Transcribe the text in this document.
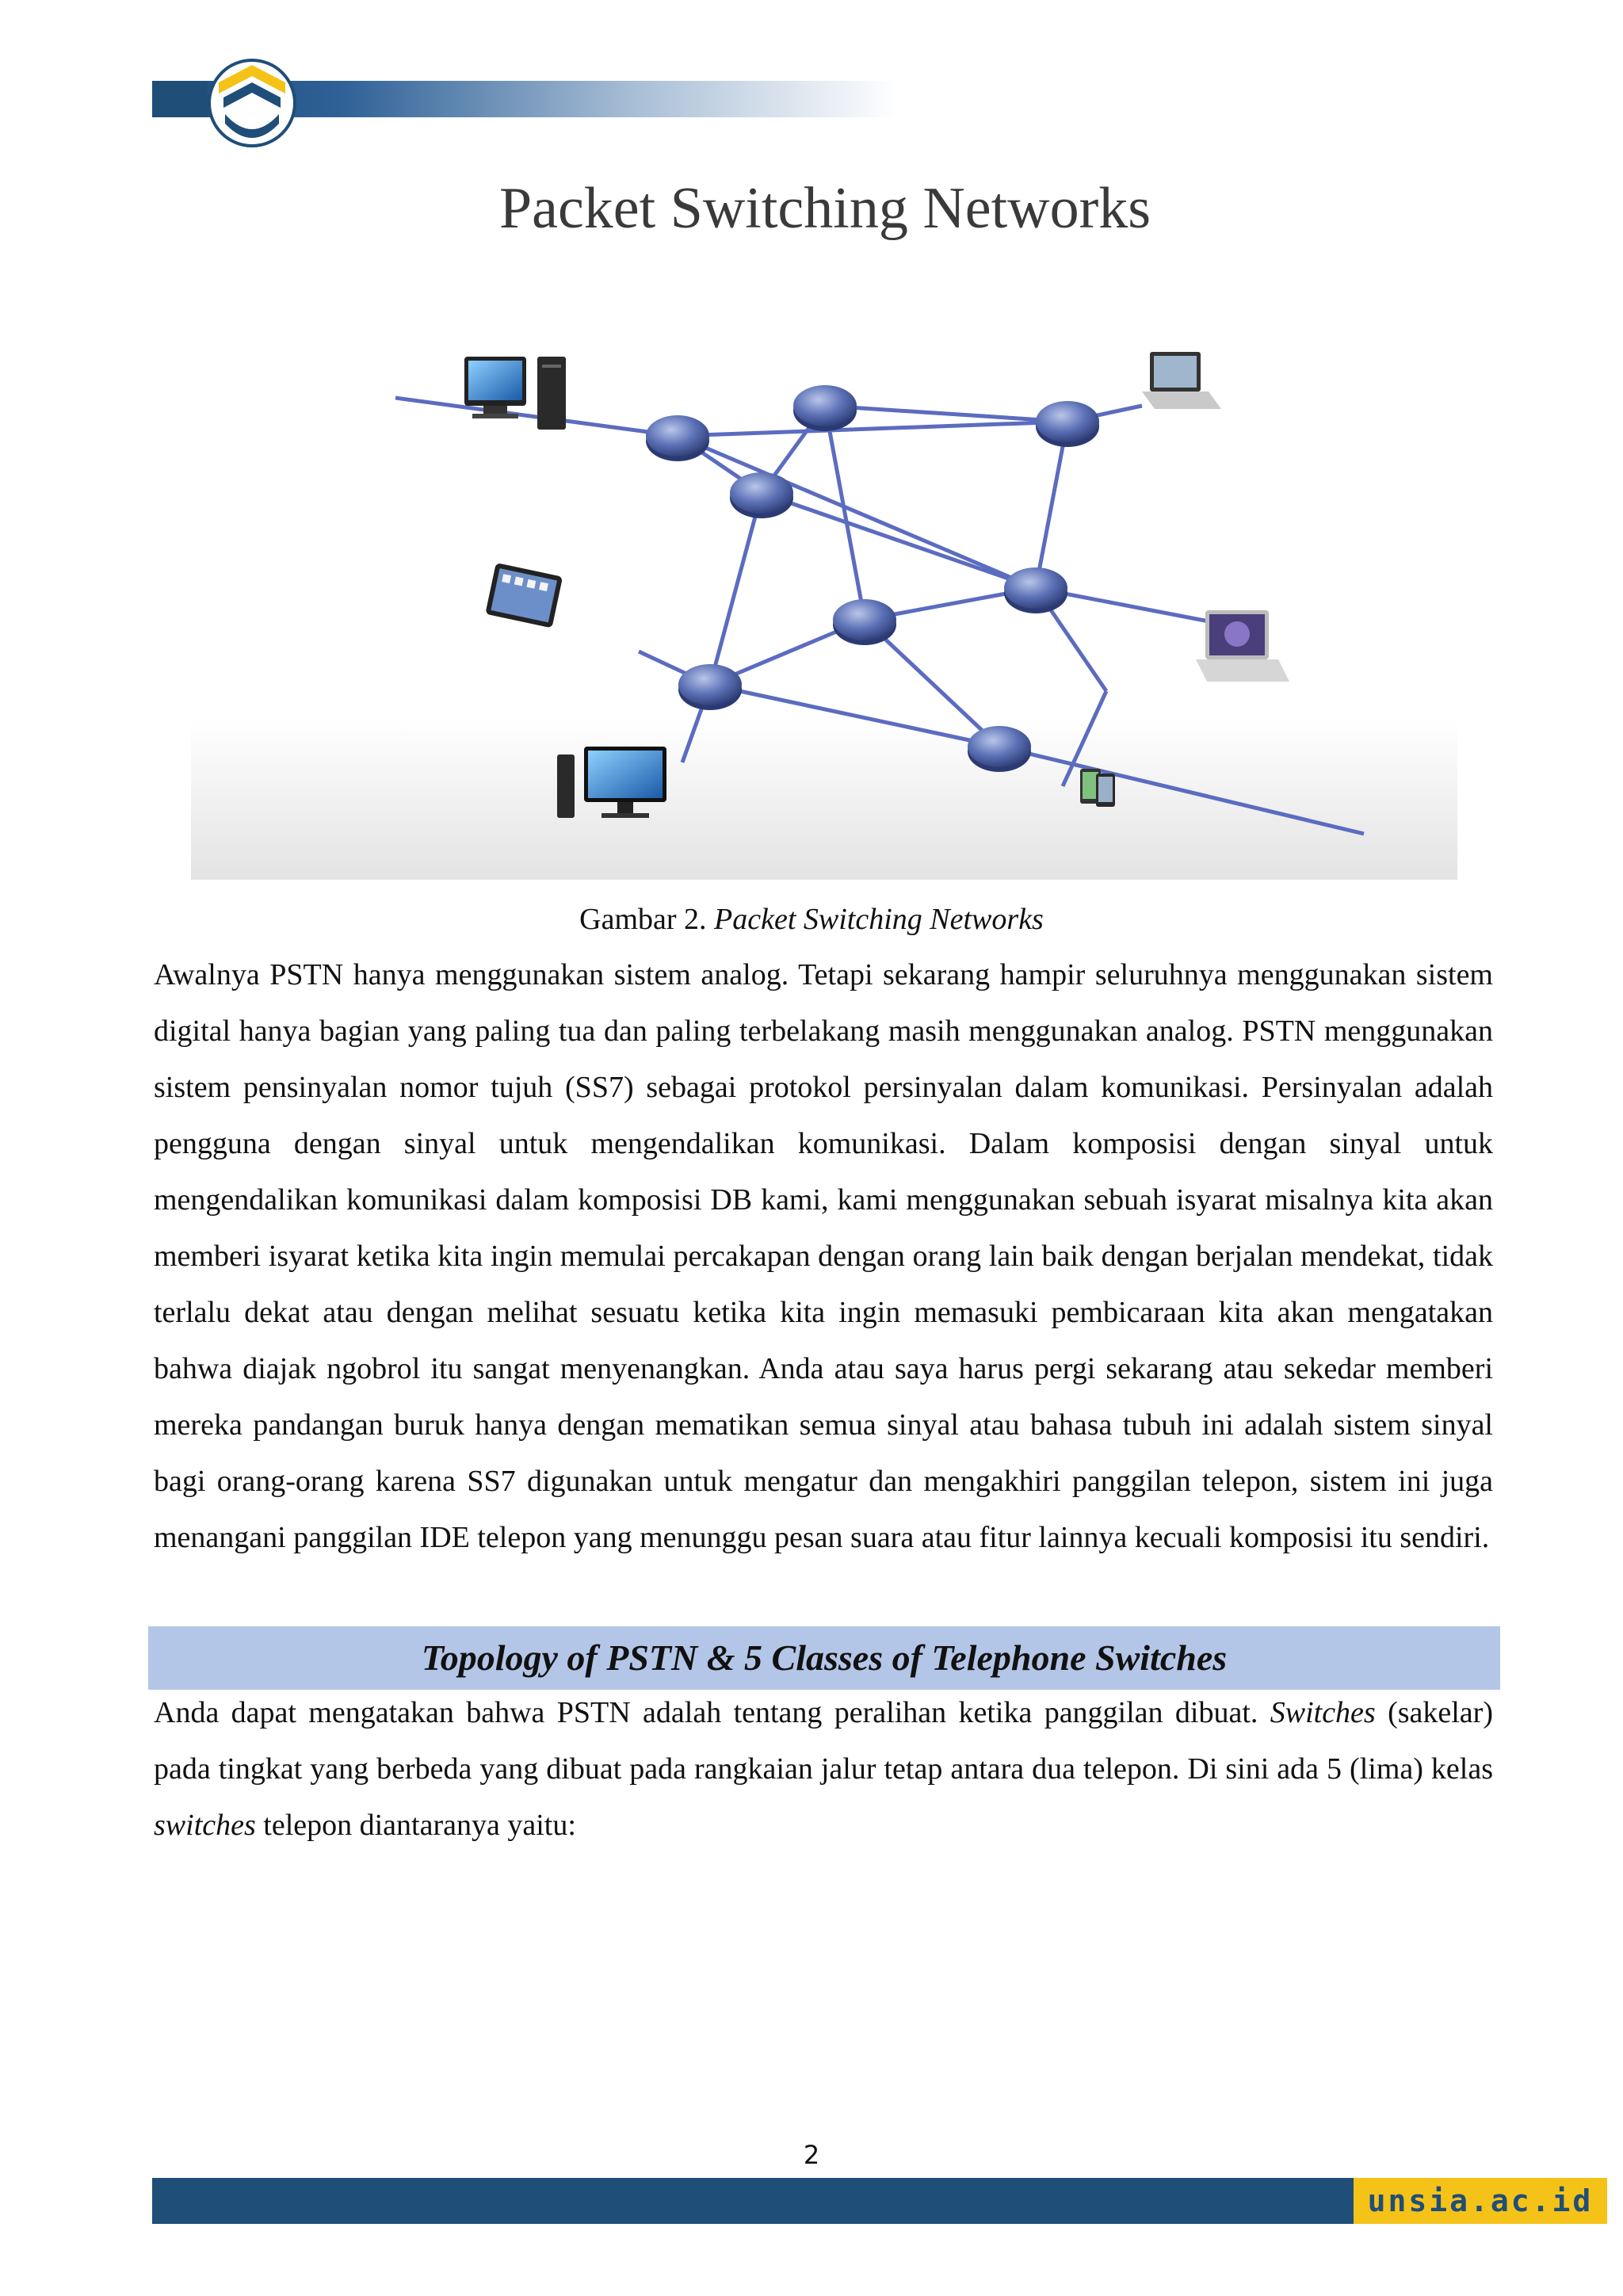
Packet Switching Networks
Gambar 2. Packet Switching Networks

Awalnya PSTN hanya menggunakan sistem analog. Tetapi sekarang hampir seluruhnya menggunakan sistem digital hanya bagian yang paling tua dan paling terbelakang masih menggunakan analog. PSTN menggunakan sistem pensinyalan nomor tujuh (SS7) sebagai protokol persinyalan dalam komunikasi. Persinyalan adalah pengguna dengan sinyal untuk mengendalikan komunikasi. Dalam komposisi dengan sinyal untuk mengendalikan komunikasi dalam komposisi DB kami, kami menggunakan sebuah isyarat misalnya kita akan memberi isyarat ketika kita ingin memulai percakapan dengan orang lain baik dengan berjalan mendekat, tidak terlalu dekat atau dengan melihat sesuatu ketika kita ingin memasuki pembicaraan kita akan mengatakan bahwa diajak ngobrol itu sangat menyenangkan. Anda atau saya harus pergi sekarang atau sekedar memberi mereka pandangan buruk hanya dengan mematikan semua sinyal atau bahasa tubuh ini adalah sistem sinyal bagi orang-orang karena SS7 digunakan untuk mengatur dan mengakhiri panggilan telepon, sistem ini juga menangani panggilan IDE telepon yang menunggu pesan suara atau fitur lainnya kecuali komposisi itu sendiri.

Topology of PSTN & 5 Classes of Telephone Switches

Anda dapat mengatakan bahwa PSTN adalah tentang peralihan ketika panggilan dibuat. Switches (sakelar) pada tingkat yang berbeda yang dibuat pada rangkaian jalur tetap antara dua telepon. Di sini ada 5 (lima) kelas switches telepon diantaranya yaitu:

2
unsia.ac.id
